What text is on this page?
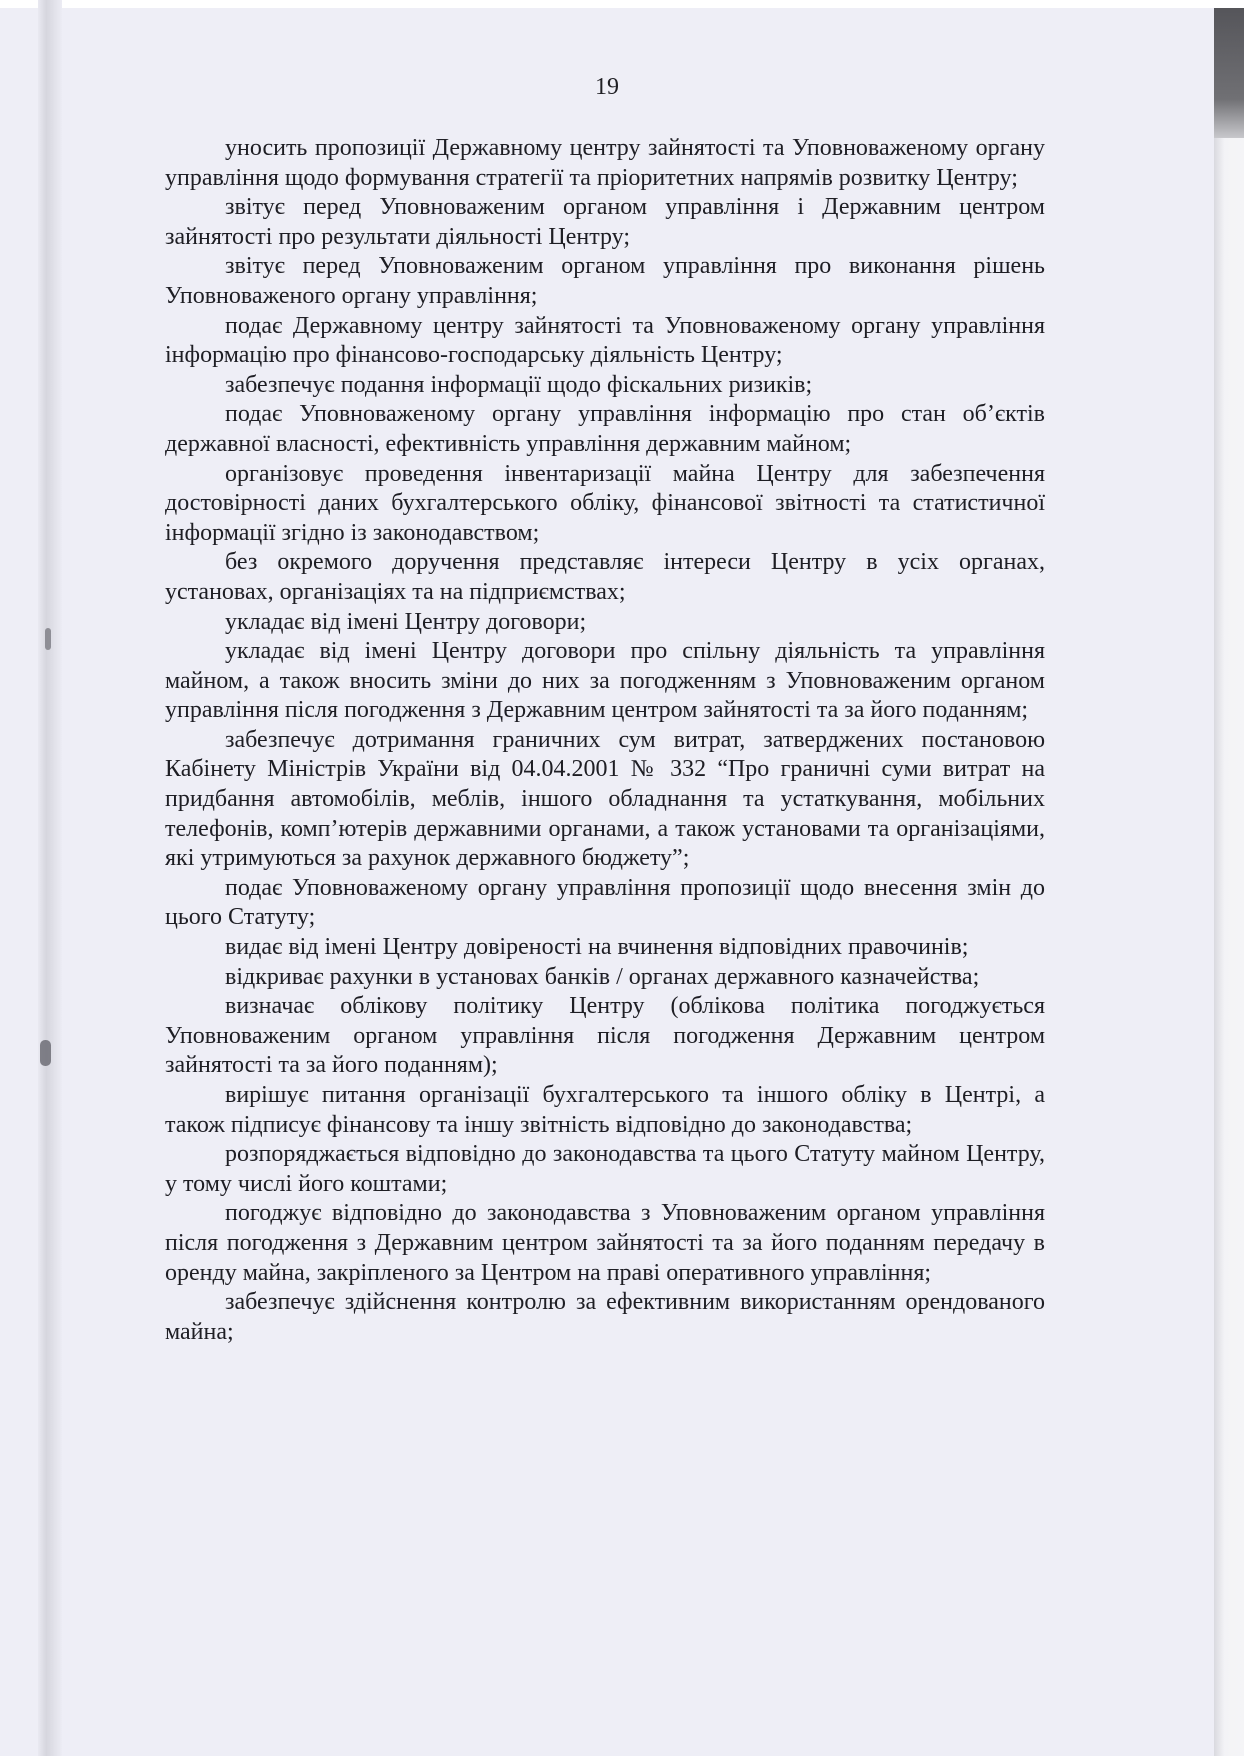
19

уносить пропозиції Державному центру зайнятості та Уповноваженому органу управління щодо формування стратегії та пріоритетних напрямів розвитку Центру;

звітує перед Уповноваженим органом управління і Державним центром зайнятості про результати діяльності Центру;

звітує перед Уповноваженим органом управління про виконання рішень Уповноваженого органу управління;

подає Державному центру зайнятості та Уповноваженому органу управління інформацію про фінансово-господарську діяльність Центру;

забезпечує подання інформації щодо фіскальних ризиків;

подає Уповноваженому органу управління інформацію про стан об’єктів державної власності, ефективність управління державним майном;

організовує проведення інвентаризації майна Центру для забезпечення достовірності даних бухгалтерського обліку, фінансової звітності та статистичної інформації згідно із законодавством;

без окремого доручення представляє інтереси Центру в усіх органах, установах, організаціях та на підприємствах;

укладає від імені Центру договори;

укладає від імені Центру договори про спільну діяльність та управління майном, а також вносить зміни до них за погодженням з Уповноваженим органом управління після погодження з Державним центром зайнятості та за його поданням;

забезпечує дотримання граничних сум витрат, затверджених постановою Кабінету Міністрів України від 04.04.2001 № 332 “Про граничні суми витрат на придбання автомобілів, меблів, іншого обладнання та устаткування, мобільних телефонів, комп’ютерів державними органами, а також установами та організаціями, які утримуються за рахунок державного бюджету”;

подає Уповноваженому органу управління пропозиції щодо внесення змін до цього Статуту;

видає від імені Центру довіреності на вчинення відповідних правочинів;

відкриває рахунки в установах банків / органах державного казначейства;

визначає облікову політику Центру (облікова політика погоджується Уповноваженим органом управління після погодження Державним центром зайнятості та за його поданням);

вирішує питання організації бухгалтерського та іншого обліку в Центрі, а також підписує фінансову та іншу звітність відповідно до законодавства;

розпоряджається відповідно до законодавства та цього Статуту майном Центру, у тому числі його коштами;

погоджує відповідно до законодавства з Уповноваженим органом управління після погодження з Державним центром зайнятості та за його поданням передачу в оренду майна, закріпленого за Центром на праві оперативного управління;

забезпечує здійснення контролю за ефективним використанням орендованого майна;
